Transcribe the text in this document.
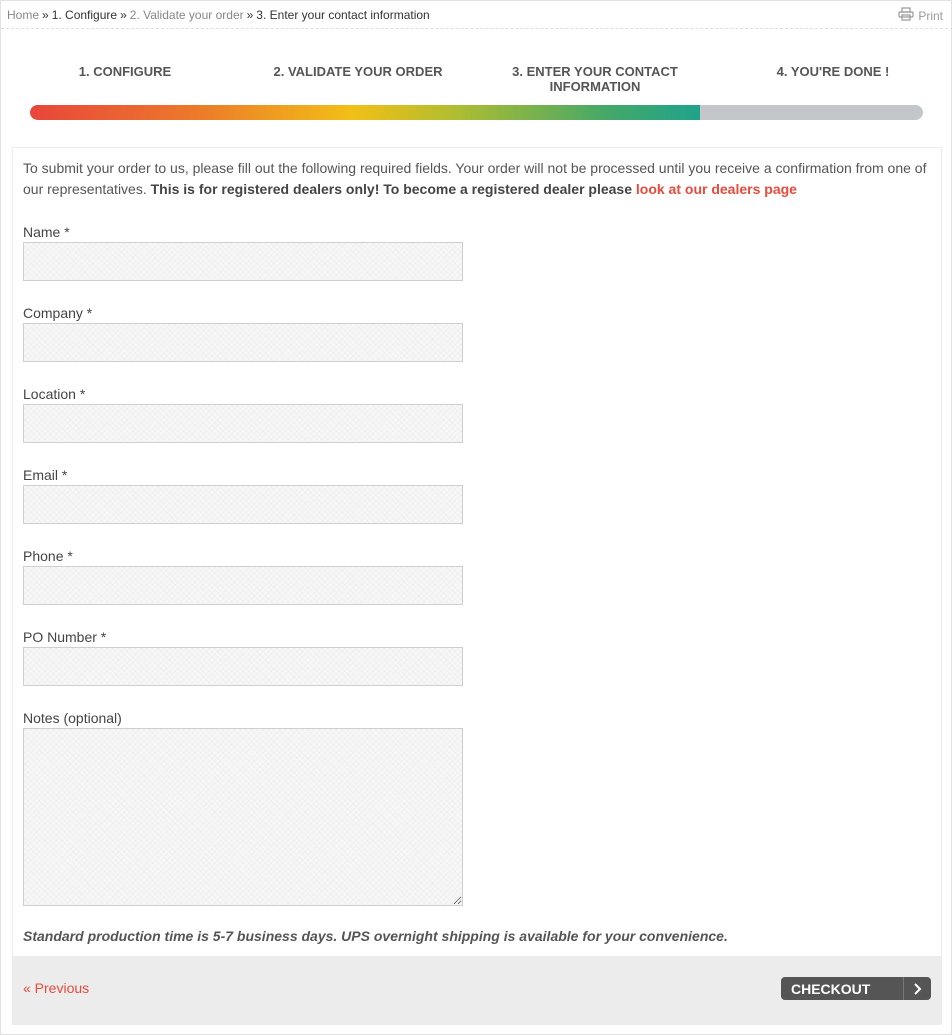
Home » 1. Configure » 2. Validate your order » 3. Enter your contact information	Print
1. CONFIGURE	2. VALIDATE YOUR ORDER	3. ENTER YOUR CONTACT INFORMATION
4. YOU'RE DONE !

To submit your order to us, please fill out the following required fields. Your order will not be processed until you receive a confirmation from one of our representatives. This is for registered dealers only! To become a registered dealer please look at our dealers page

Name *
Company *
Location *
Email *
Phone *
PO Number *
Notes (optional)

Standard production time is 5-7 business days. UPS overnight shipping is available for your convenience.

« Previous	CHECKOUT
